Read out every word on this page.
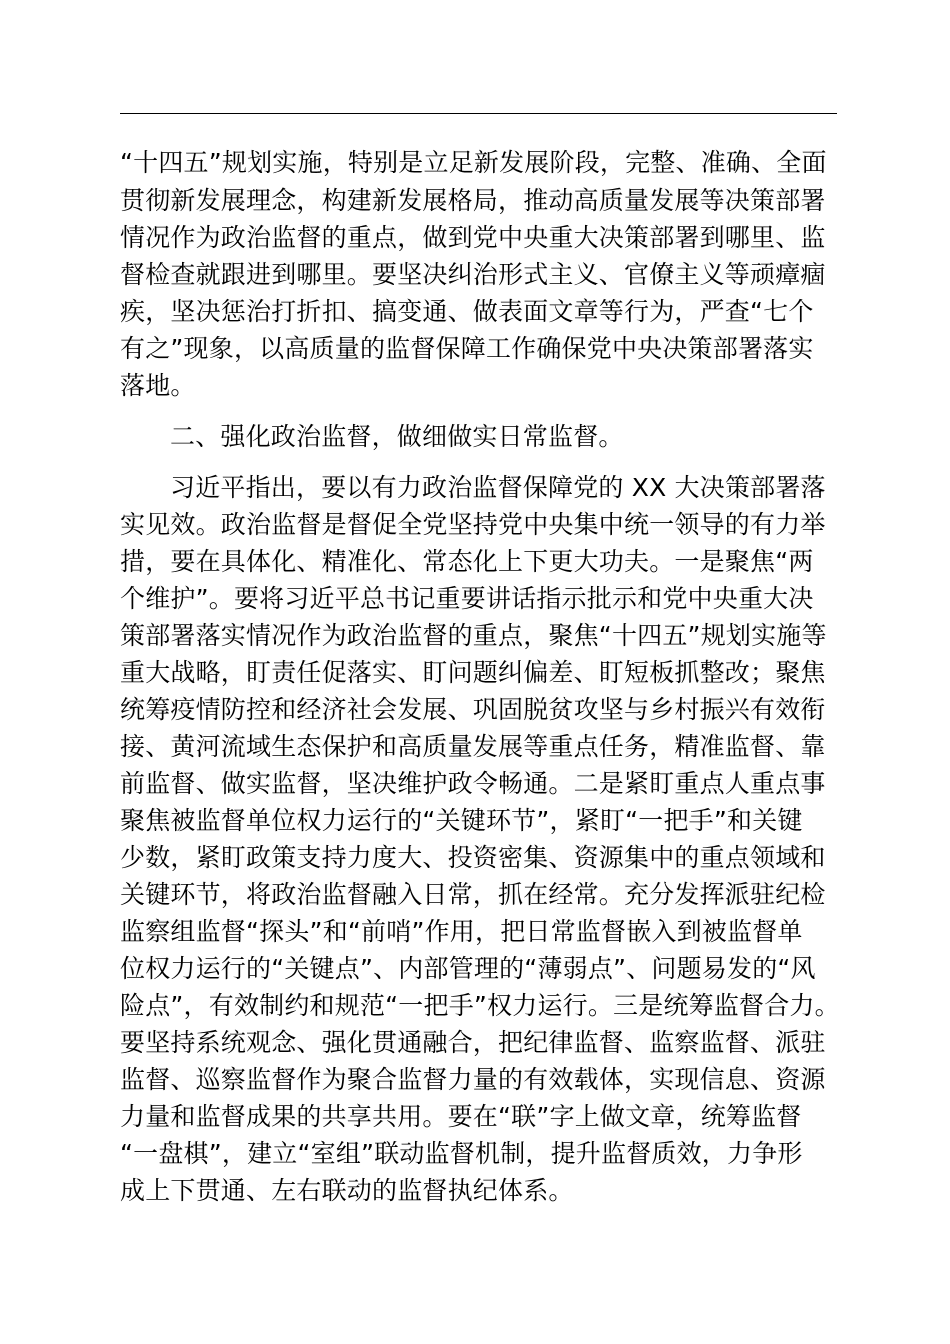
“十四五”规划实施，特别是立足新发展阶段，完整、准确、全面
贯彻新发展理念，构建新发展格局，推动高质量发展等决策部署
情况作为政治监督的重点，做到党中央重大决策部署到哪里、监
督检查就跟进到哪里。要坚决纠治形式主义、官僚主义等顽瘴痼
疾，坚决惩治打折扣、搞变通、做表面文章等行为，严查“七个
有之”现象，以高质量的监督保障工作确保党中央决策部署落实
落地。
二、强化政治监督，做细做实日常监督。
习近平指出，要以有力政治监督保障党的 XX 大决策部署落
实见效。政治监督是督促全党坚持党中央集中统一领导的有力举
措，要在具体化、精准化、常态化上下更大功夫。一是聚焦“两
个维护”。要将习近平总书记重要讲话指示批示和党中央重大决
策部署落实情况作为政治监督的重点，聚焦“十四五”规划实施等
重大战略，盯责任促落实、盯问题纠偏差、盯短板抓整改；聚焦
统筹疫情防控和经济社会发展、巩固脱贫攻坚与乡村振兴有效衔
接、黄河流域生态保护和高质量发展等重点任务，精准监督、靠
前监督、做实监督，坚决维护政令畅通。二是紧盯重点人重点事
聚焦被监督单位权力运行的“关键环节”，紧盯“一把手”和关键
少数，紧盯政策支持力度大、投资密集、资源集中的重点领域和
关键环节，将政治监督融入日常，抓在经常。充分发挥派驻纪检
监察组监督“探头”和“前哨”作用，把日常监督嵌入到被监督单
位权力运行的“关键点”、内部管理的“薄弱点”、问题易发的“风
险点”，有效制约和规范“一把手”权力运行。三是统筹监督合力。
要坚持系统观念、强化贯通融合，把纪律监督、监察监督、派驻
监督、巡察监督作为聚合监督力量的有效载体，实现信息、资源
力量和监督成果的共享共用。要在“联”字上做文章，统筹监督
“一盘棋”，建立“室组”联动监督机制，提升监督质效，力争形
成上下贯通、左右联动的监督执纪体系。
